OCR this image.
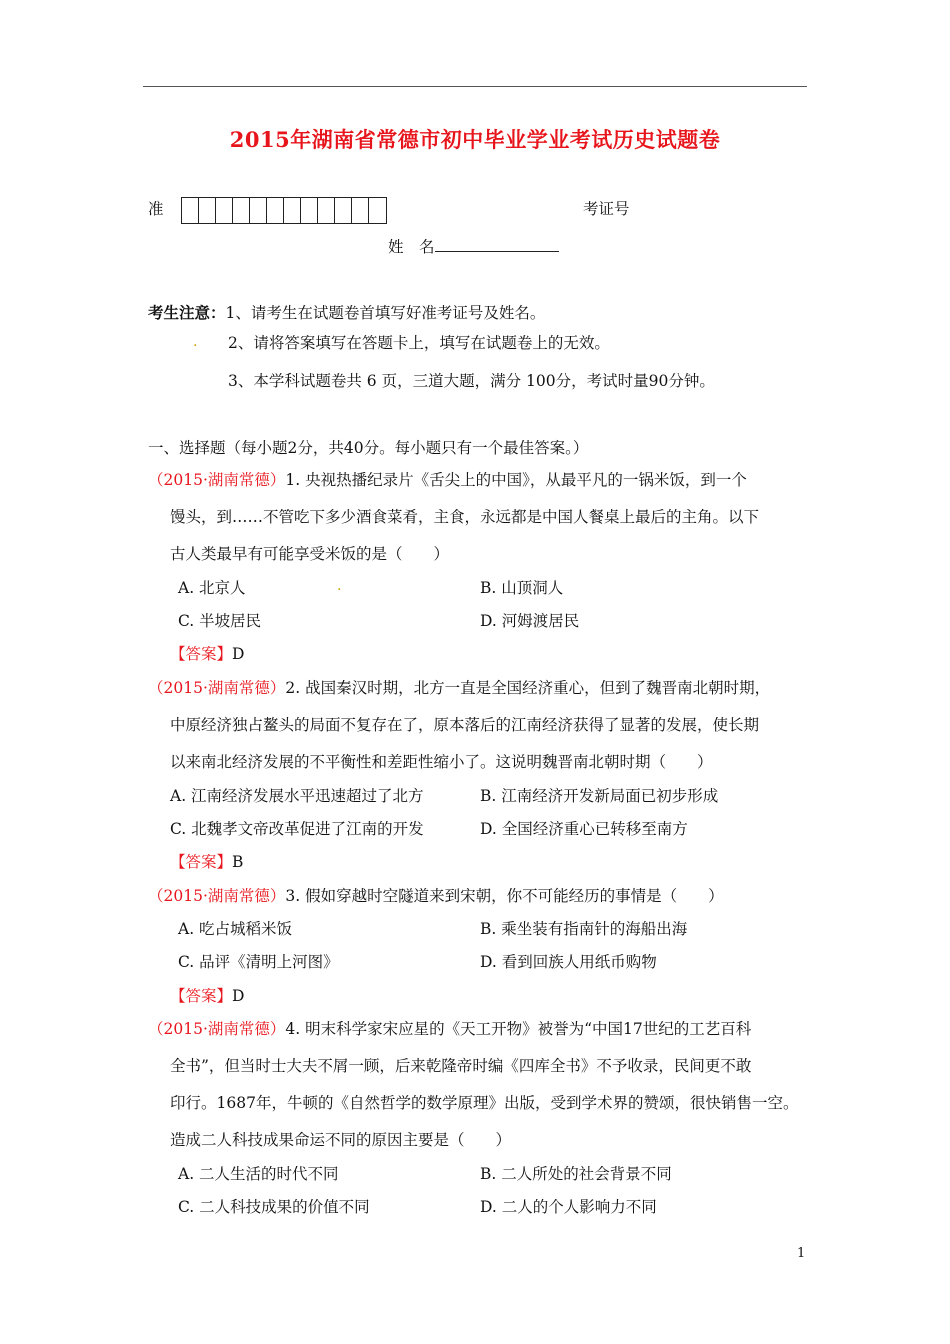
2015年湖南省常德市初中毕业学业考试历史试题卷
准	考证号
姓　名
考生注意：1、请考生在试题卷首填写好准考证号及姓名。
. 2、请将答案填写在答题卡上，填写在试题卷上的无效。
3、本学科试题卷共 6 页，三道大题，满分 100分，考试时量90分钟。
一、选择题（每小题2分，共40分。每小题只有一个最佳答案。）
（2015·湖南常德）1. 央视热播纪录片《舌尖上的中国》，从最平凡的一锅米饭，到一个
馒头，到……不管吃下多少酒食菜肴，主食，永远都是中国人餐桌上最后的主角。以下
古人类最早有可能享受米饭的是（　　）
A. 北京人	.	B. 山顶洞人
C. 半坡居民	D. 河姆渡居民
【答案】D
（2015·湖南常德）2. 战国秦汉时期，北方一直是全国经济重心，但到了魏晋南北朝时期，
中原经济独占鳌头的局面不复存在了，原本落后的江南经济获得了显著的发展，使长期
以来南北经济发展的不平衡性和差距性缩小了。这说明魏晋南北朝时期（　　）
A. 江南经济发展水平迅速超过了北方	B. 江南经济开发新局面已初步形成
C. 北魏孝文帝改革促进了江南的开发	D. 全国经济重心已转移至南方
【答案】B
（2015·湖南常德）3. 假如穿越时空隧道来到宋朝，你不可能经历的事情是（　　）
A. 吃占城稻米饭	B. 乘坐装有指南针的海船出海
C. 品评《清明上河图》	D. 看到回族人用纸币购物
【答案】D
（2015·湖南常德）4. 明末科学家宋应星的《天工开物》被誉为“中国17世纪的工艺百科
全书”，但当时士大夫不屑一顾，后来乾隆帝时编《四库全书》不予收录，民间更不敢
印行。1687年，牛顿的《自然哲学的数学原理》出版，受到学术界的赞颂，很快销售一空。
造成二人科技成果命运不同的原因主要是（　　）
A. 二人生活的时代不同	B. 二人所处的社会背景不同
C. 二人科技成果的价值不同	D. 二人的个人影响力不同
1
